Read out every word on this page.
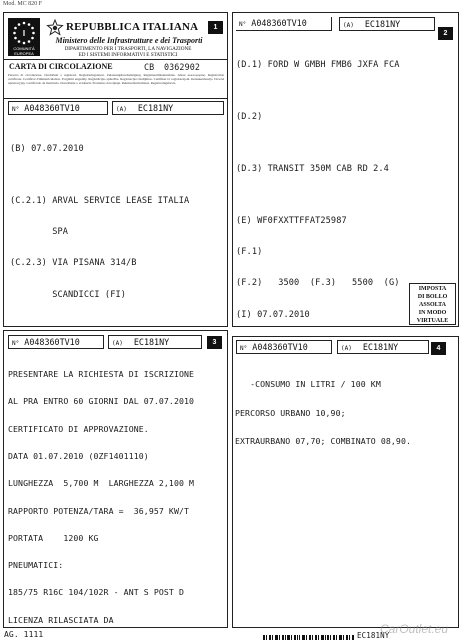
Mod. MC 820 F
I
COMUNITÀ EUROPEA
REPUBBLICA ITALIANA
Ministero delle Infrastrutture e dei Trasporti
DIPARTIMENTO PER I TRASPORTI, LA NAVIGAZIONE
ED I SISTEMI INFORMATIVI E STATISTICI
1
CARTA DI CIRCOLAZIONE	CB 0362902
Persona di circolazione. Osvědčení o registraci. Registreringsattest. Zulassungsbescheinigung. Registreerimistunnistus. Άδεια κυκλοφορίας. Registration certificate. Certificat d'immatriculation. Forgalmi engedély. Reģistrācijas apliecība. Registracijos liudijimas. Certifikat ta' registrazzjoni. Kentekenbewijs. Dowód rejestracyjny. Certificado de matrícula. Osvedčenie o evidencii. Prometno dovoljenje. Rekisteröintitodistus. Registreringsbevis.
N° A048360TV10	(A) EC181NY

(B) 07.07.2010

(C.2.1) ARVAL SERVICE LEASE ITALIA

SPA

(C.2.3) VIA PISANA 314/B

SCANDICCI (FI)

N° A048360TV10	(A) EC181NY
2

(D.1) FORD W GMBH FMB6 JXFA FCA

(D.2)

(D.3) TRANSIT 350M CAB RD 2.4

(E) WF0FXXTTFFAT25987

(F.1)

(F.2)   3500  (F.3)   5500  (G)

(I) 07.07.2010

IMPOSTA
DI BOLLO
ASSOLTA
IN MODO
VIRTUALE
N° A048360TV10	(A) EC181NY	3

PRESENTARE LA RICHIESTA DI ISCRIZIONE

AL PRA ENTRO 60 GIORNI DAL 07.07.2010

CERTIFICATO DI APPROVAZIONE.

DATA 01.07.2010 (0ZF1401110)

LUNGHEZZA  5,700 M  LARGHEZZA 2,100 M

RAPPORTO POTENZA/TARA =  36,957 KW/T

PORTATA    1200 KG

PNEUMATICI:

185/75 R16C 104/102R - ANT S POST D

LICENZA RILASCIATA DA

N° A048360TV10	(A) EC181NY	4

-CONSUMO IN LITRI / 100 KM

PERCORSO URBANO 10,90;

EXTRAURBANO 07,70; COMBINATO 08,90.

AG. 1111	EC181NY
CarOutlet.eu
